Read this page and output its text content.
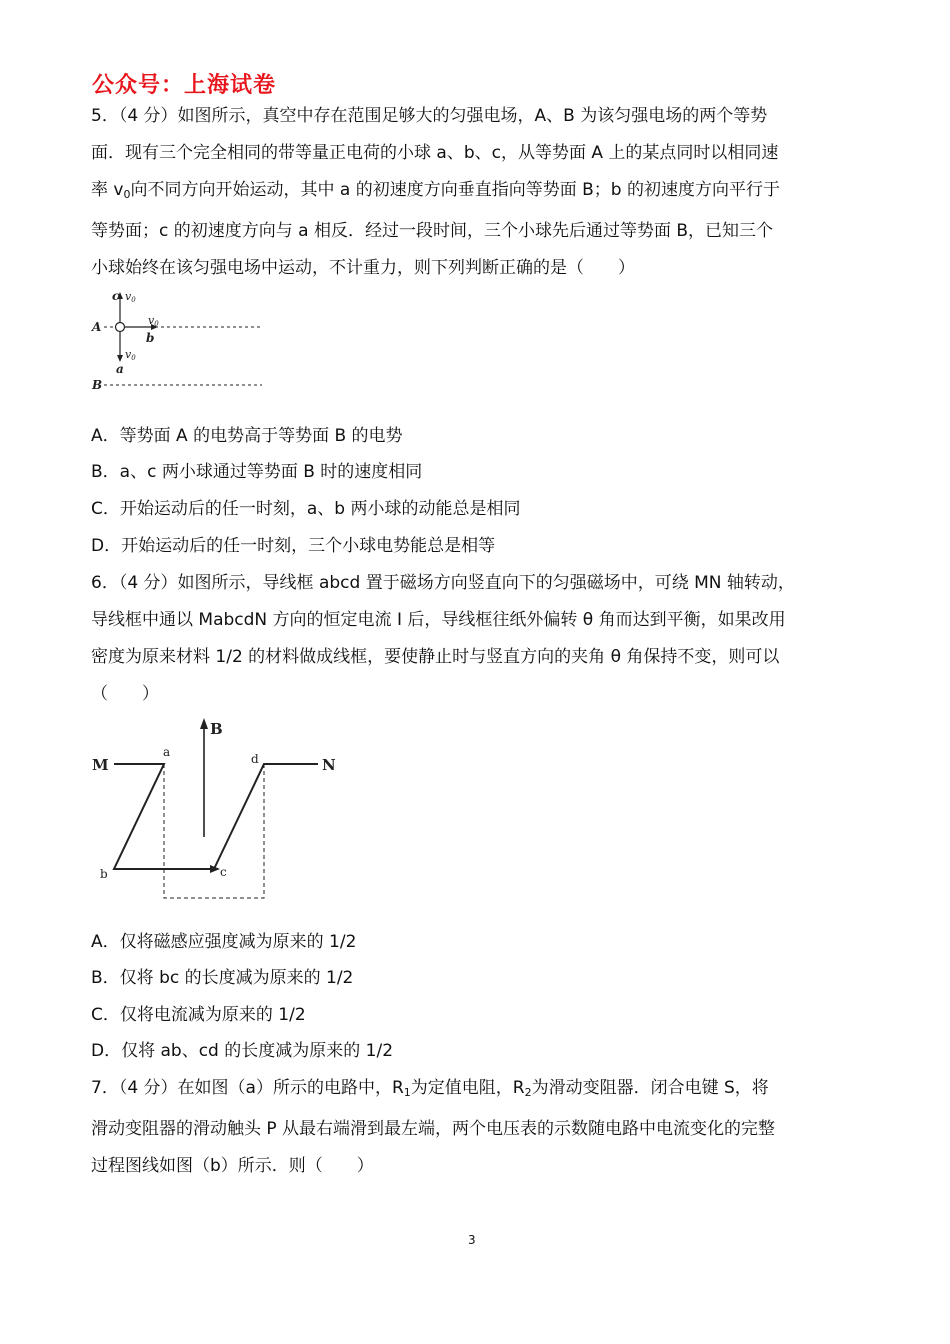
公众号：上海试卷
5．（4 分）如图所示，真空中存在范围足够大的匀强电场，A、B 为该匀强电场的两个等势
面．现有三个完全相同的带等量正电荷的小球 a、b、c，从等势面 A 上的某点同时以相同速
率 $v_0$向不同方向开始运动，其中 a 的初速度方向垂直指向等势面 B；b 的初速度方向平行于
等势面；c 的初速度方向与 a 相反．经过一段时间，三个小球先后通过等势面 B，已知三个
小球始终在该匀强电场中运动，不计重力，则下列判断正确的是（　　）
c v0
v0
b
v0
a
A
B
A．等势面 A 的电势高于等势面 B 的电势
B．a、c 两小球通过等势面 B 时的速度相同
C．开始运动后的任一时刻，a、b 两小球的动能总是相同
D．开始运动后的任一时刻，三个小球电势能总是相等
6．（4 分）如图所示，导线框 abcd 置于磁场方向竖直向下的匀强磁场中，可绕 MN 轴转动，
导线框中通以 MabcdN 方向的恒定电流 I 后，导线框往纸外偏转 θ 角而达到平衡，如果改用
密度为原来材料 1/2 的材料做成线框，要使静止时与竖直方向的夹角 θ 角保持不变，则可以
（　　）
M	N
a	d
b	c
B
A．仅将磁感应强度减为原来的 1/2
B．仅将 bc 的长度减为原来的 1/2
C．仅将电流减为原来的 1/2
D．仅将 ab、cd 的长度减为原来的 1/2
7．（4 分）在如图（a）所示的电路中，$R_1$为定值电阻，$R_2$为滑动变阻器．闭合电键 S，将
滑动变阻器的滑动触头 P 从最右端滑到最左端，两个电压表的示数随电路中电流变化的完整
过程图线如图（b）所示．则（　　）
3
